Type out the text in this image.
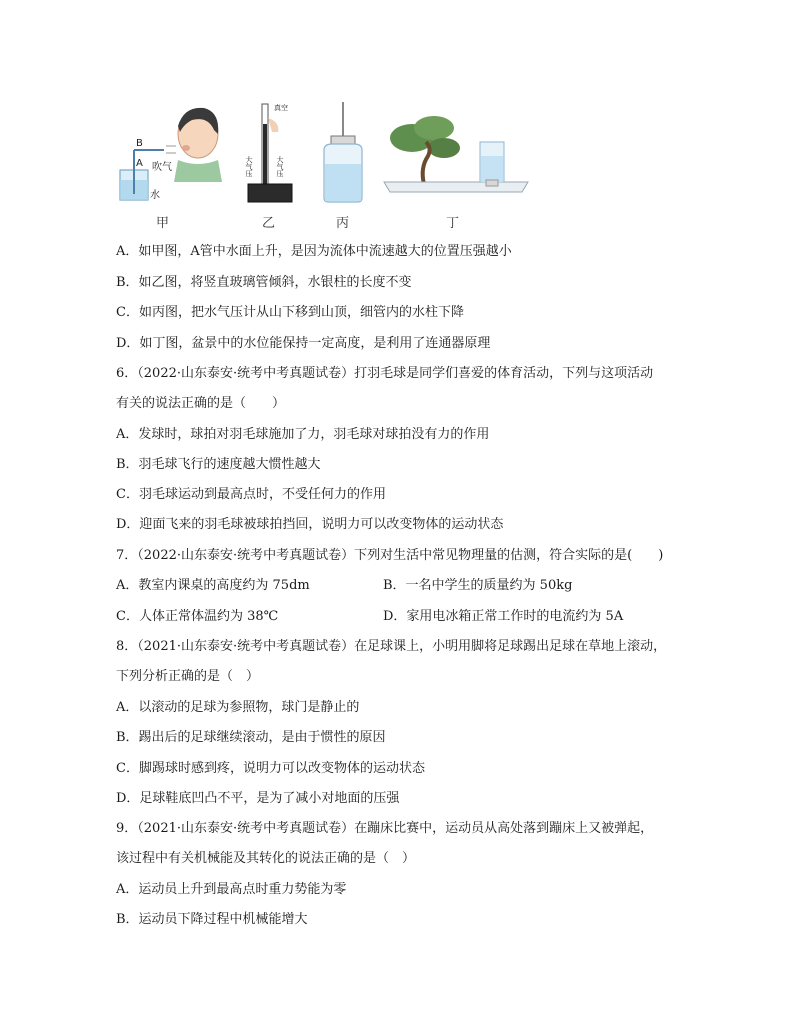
B
A 吹气
水
甲
真空
大气压	大气压
乙	丙	丁
A．如甲图，A管中水面上升，是因为流体中流速越大的位置压强越小
B．如乙图，将竖直玻璃管倾斜，水银柱的长度不变
C．如丙图，把水气压计从山下移到山顶，细管内的水柱下降
D．如丁图，盆景中的水位能保持一定高度，是利用了连通器原理
6．（2022·山东泰安·统考中考真题试卷）打羽毛球是同学们喜爱的体育活动，下列与这项活动
有关的说法正确的是（　　）
A．发球时，球拍对羽毛球施加了力，羽毛球对球拍没有力的作用
B．羽毛球飞行的速度越大惯性越大
C．羽毛球运动到最高点时，不受任何力的作用
D．迎面飞来的羽毛球被球拍挡回，说明力可以改变物体的运动状态
7．（2022·山东泰安·统考中考真题试卷）下列对生活中常见物理量的估测，符合实际的是(　　)
A．教室内课桌的高度约为 75dm	B．一名中学生的质量约为 50kg
C．人体正常体温约为 38℃	D．家用电冰箱正常工作时的电流约为 5A
8．（2021·山东泰安·统考中考真题试卷）在足球课上，小明用脚将足球踢出足球在草地上滚动，
下列分析正确的是（　）
A．以滚动的足球为参照物，球门是静止的
B．踢出后的足球继续滚动，是由于惯性的原因
C．脚踢球时感到疼，说明力可以改变物体的运动状态
D．足球鞋底凹凸不平，是为了减小对地面的压强
9．（2021·山东泰安·统考中考真题试卷）在蹦床比赛中，运动员从高处落到蹦床上又被弹起，
该过程中有关机械能及其转化的说法正确的是（　）
A．运动员上升到最高点时重力势能为零
B．运动员下降过程中机械能增大
